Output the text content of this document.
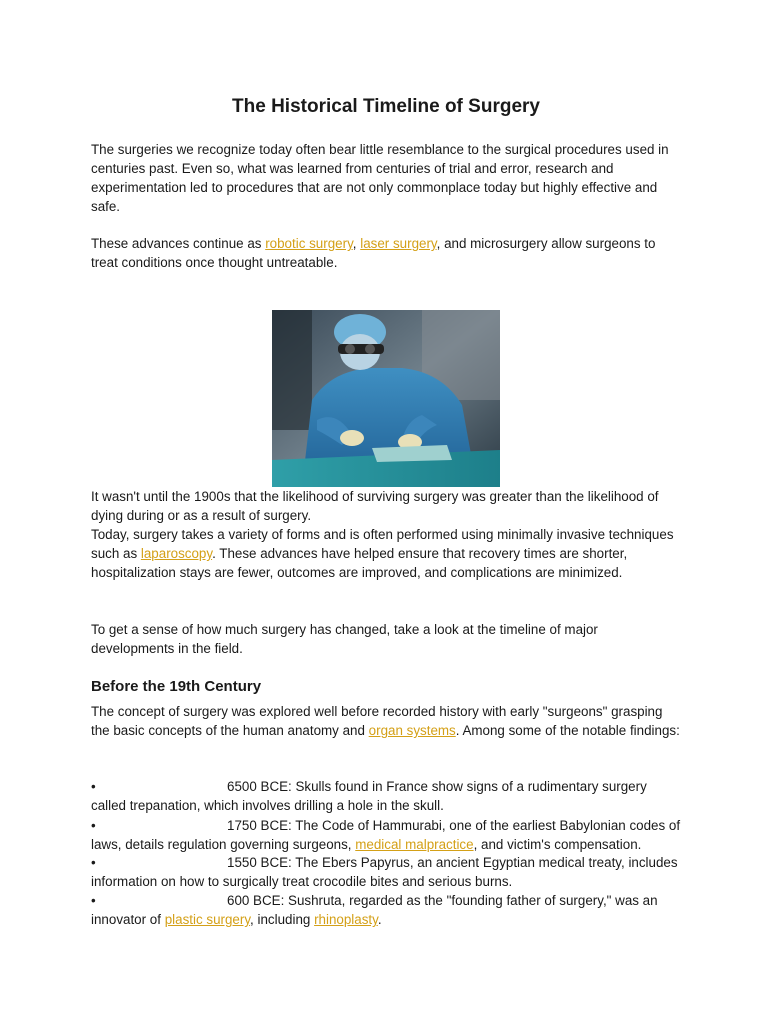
The Historical Timeline of Surgery

The surgeries we recognize today often bear little resemblance to the surgical procedures used in centuries past. Even so, what was learned from centuries of trial and error, research and experimentation led to procedures that are not only commonplace today but highly effective and safe.

These advances continue as robotic surgery, laser surgery, and microsurgery allow surgeons to treat conditions once thought untreatable.

It wasn't until the 1900s that the likelihood of surviving surgery was greater than the likelihood of dying during or as a result of surgery.

Today, surgery takes a variety of forms and is often performed using minimally invasive techniques such as laparoscopy. These advances have helped ensure that recovery times are shorter, hospitalization stays are fewer, outcomes are improved, and complications are minimized.

To get a sense of how much surgery has changed, take a look at the timeline of major developments in the field.

Before the 19th Century

The concept of surgery was explored well before recorded history with early "surgeons" grasping the basic concepts of the human anatomy and organ systems. Among some of the notable findings:

•	6500 BCE: Skulls found in France show signs of a rudimentary surgery called trepanation, which involves drilling a hole in the skull.
•	1750 BCE: The Code of Hammurabi, one of the earliest Babylonian codes of laws, details regulation governing surgeons, medical malpractice, and victim's compensation.
•	1550 BCE: The Ebers Papyrus, an ancient Egyptian medical treaty, includes information on how to surgically treat crocodile bites and serious burns.
•	600 BCE: Sushruta, regarded as the "founding father of surgery," was an innovator of plastic surgery, including rhinoplasty.
